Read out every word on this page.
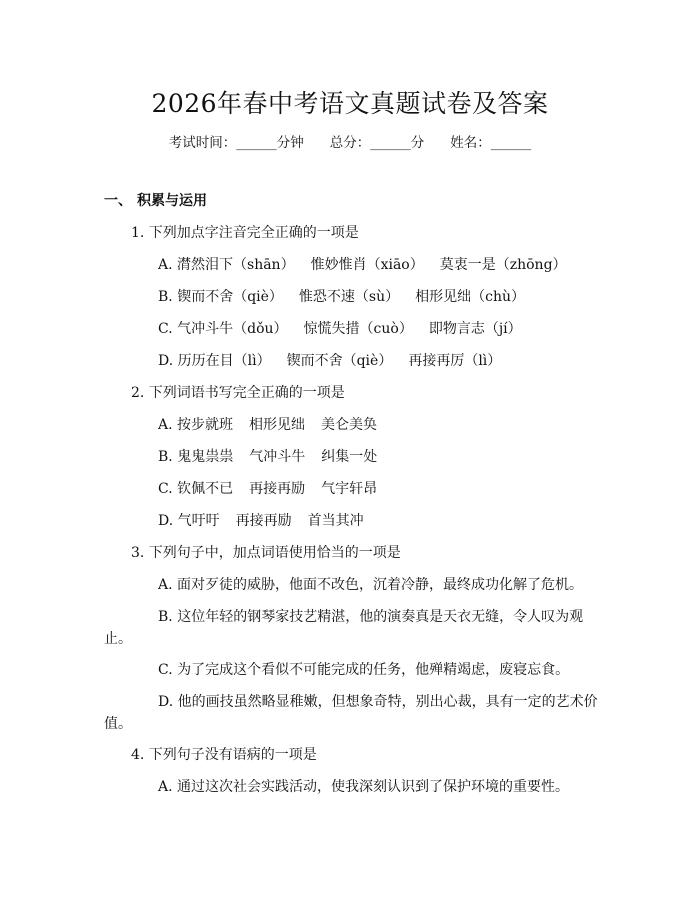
2026年春中考语文真题试卷及答案
考试时间：______分钟 总分：______分 姓名：______
一、 积累与运用
1. 下列加点字注音完全正确的一项是
A. 潸然泪下（shān） 惟妙惟肖（xiāo） 莫衷一是（zhōng）
B. 锲而不舍（qiè） 惟恐不速（sù） 相形见绌（chù）
C. 气冲斗牛（dǒu） 惊慌失措（cuò） 即物言志（jí）
D. 历历在目（lì） 锲而不舍（qiè） 再接再厉（lì）
2. 下列词语书写完全正确的一项是
A. 按步就班 相形见绌 美仑美奂
B. 鬼鬼祟祟 气冲斗牛 纠集一处
C. 钦佩不已 再接再励 气宇轩昂
D. 气吁吁 再接再励 首当其冲
3. 下列句子中，加点词语使用恰当的一项是
A. 面对歹徒的威胁，他面不改色，沉着冷静，最终成功化解了危机。
B. 这位年轻的钢琴家技艺精湛，他的演奏真是天衣无缝，令人叹为观
止。
C. 为了完成这个看似不可能完成的任务，他殚精竭虑，废寝忘食。
D. 他的画技虽然略显稚嫩，但想象奇特，别出心裁，具有一定的艺术价
值。
4. 下列句子没有语病的一项是
A. 通过这次社会实践活动，使我深刻认识到了保护环境的重要性。
